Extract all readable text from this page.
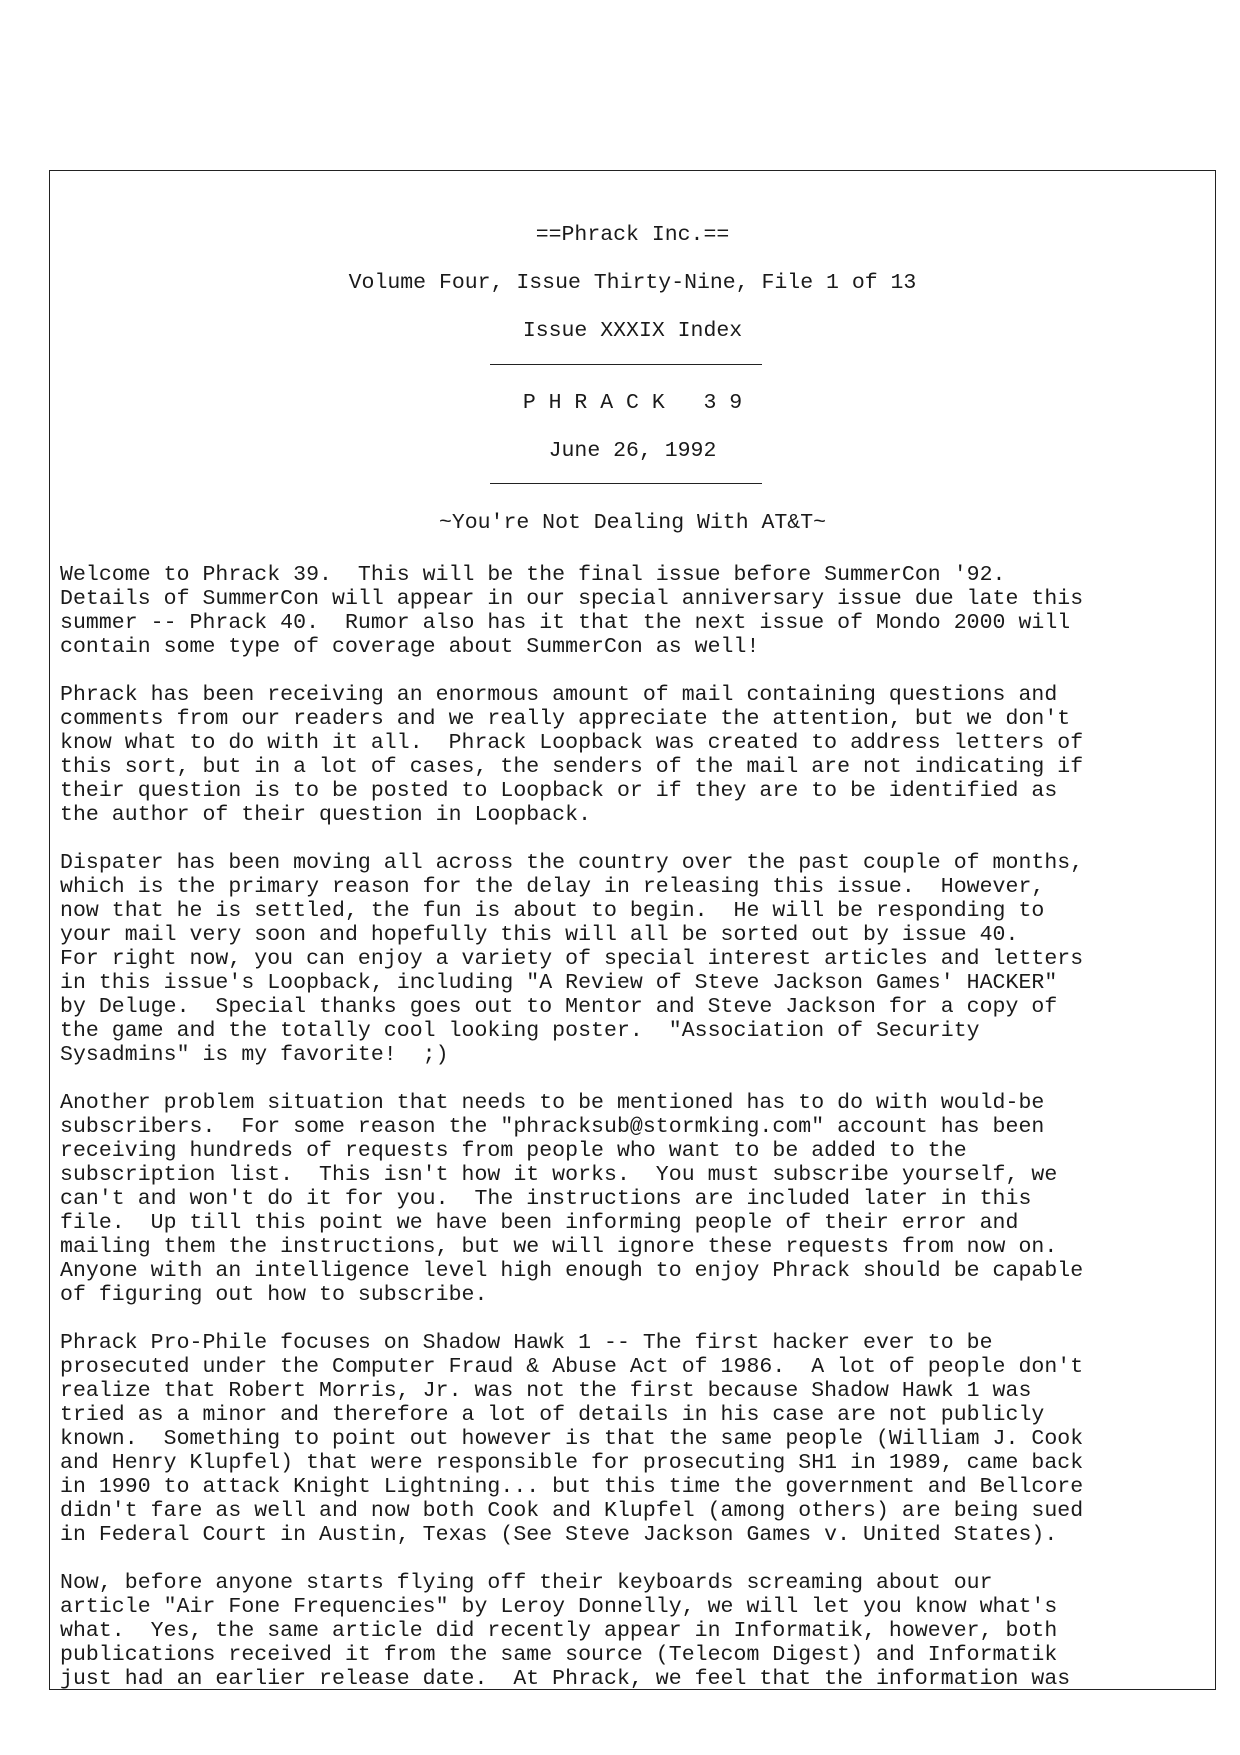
==Phrack Inc.==
Volume Four, Issue Thirty-Nine, File 1 of 13
Issue XXXIX Index
P H R A C K   3 9
June 26, 1992
~You're Not Dealing With AT&T~

Welcome to Phrack 39.  This will be the final issue before SummerCon '92.
Details of SummerCon will appear in our special anniversary issue due late this
summer -- Phrack 40.  Rumor also has it that the next issue of Mondo 2000 will
contain some type of coverage about SummerCon as well!

Phrack has been receiving an enormous amount of mail containing questions and
comments from our readers and we really appreciate the attention, but we don't
know what to do with it all.  Phrack Loopback was created to address letters of
this sort, but in a lot of cases, the senders of the mail are not indicating if
their question is to be posted to Loopback or if they are to be identified as
the author of their question in Loopback.

Dispater has been moving all across the country over the past couple of months,
which is the primary reason for the delay in releasing this issue.  However,
now that he is settled, the fun is about to begin.  He will be responding to
your mail very soon and hopefully this will all be sorted out by issue 40.
For right now, you can enjoy a variety of special interest articles and letters
in this issue's Loopback, including "A Review of Steve Jackson Games' HACKER"
by Deluge.  Special thanks goes out to Mentor and Steve Jackson for a copy of
the game and the totally cool looking poster.  "Association of Security
Sysadmins" is my favorite!  ;)

Another problem situation that needs to be mentioned has to do with would-be
subscribers.  For some reason the "phracksub@stormking.com" account has been
receiving hundreds of requests from people who want to be added to the
subscription list.  This isn't how it works.  You must subscribe yourself, we
can't and won't do it for you.  The instructions are included later in this
file.  Up till this point we have been informing people of their error and
mailing them the instructions, but we will ignore these requests from now on.
Anyone with an intelligence level high enough to enjoy Phrack should be capable
of figuring out how to subscribe.

Phrack Pro-Phile focuses on Shadow Hawk 1 -- The first hacker ever to be
prosecuted under the Computer Fraud & Abuse Act of 1986.  A lot of people don't
realize that Robert Morris, Jr. was not the first because Shadow Hawk 1 was
tried as a minor and therefore a lot of details in his case are not publicly
known.  Something to point out however is that the same people (William J. Cook
and Henry Klupfel) that were responsible for prosecuting SH1 in 1989, came back
in 1990 to attack Knight Lightning... but this time the government and Bellcore
didn't fare as well and now both Cook and Klupfel (among others) are being sued
in Federal Court in Austin, Texas (See Steve Jackson Games v. United States).

Now, before anyone starts flying off their keyboards screaming about our
article "Air Fone Frequencies" by Leroy Donnelly, we will let you know what's
what.  Yes, the same article did recently appear in Informatik, however, both
publications received it from the same source (Telecom Digest) and Informatik
just had an earlier release date.  At Phrack, we feel that the information was
